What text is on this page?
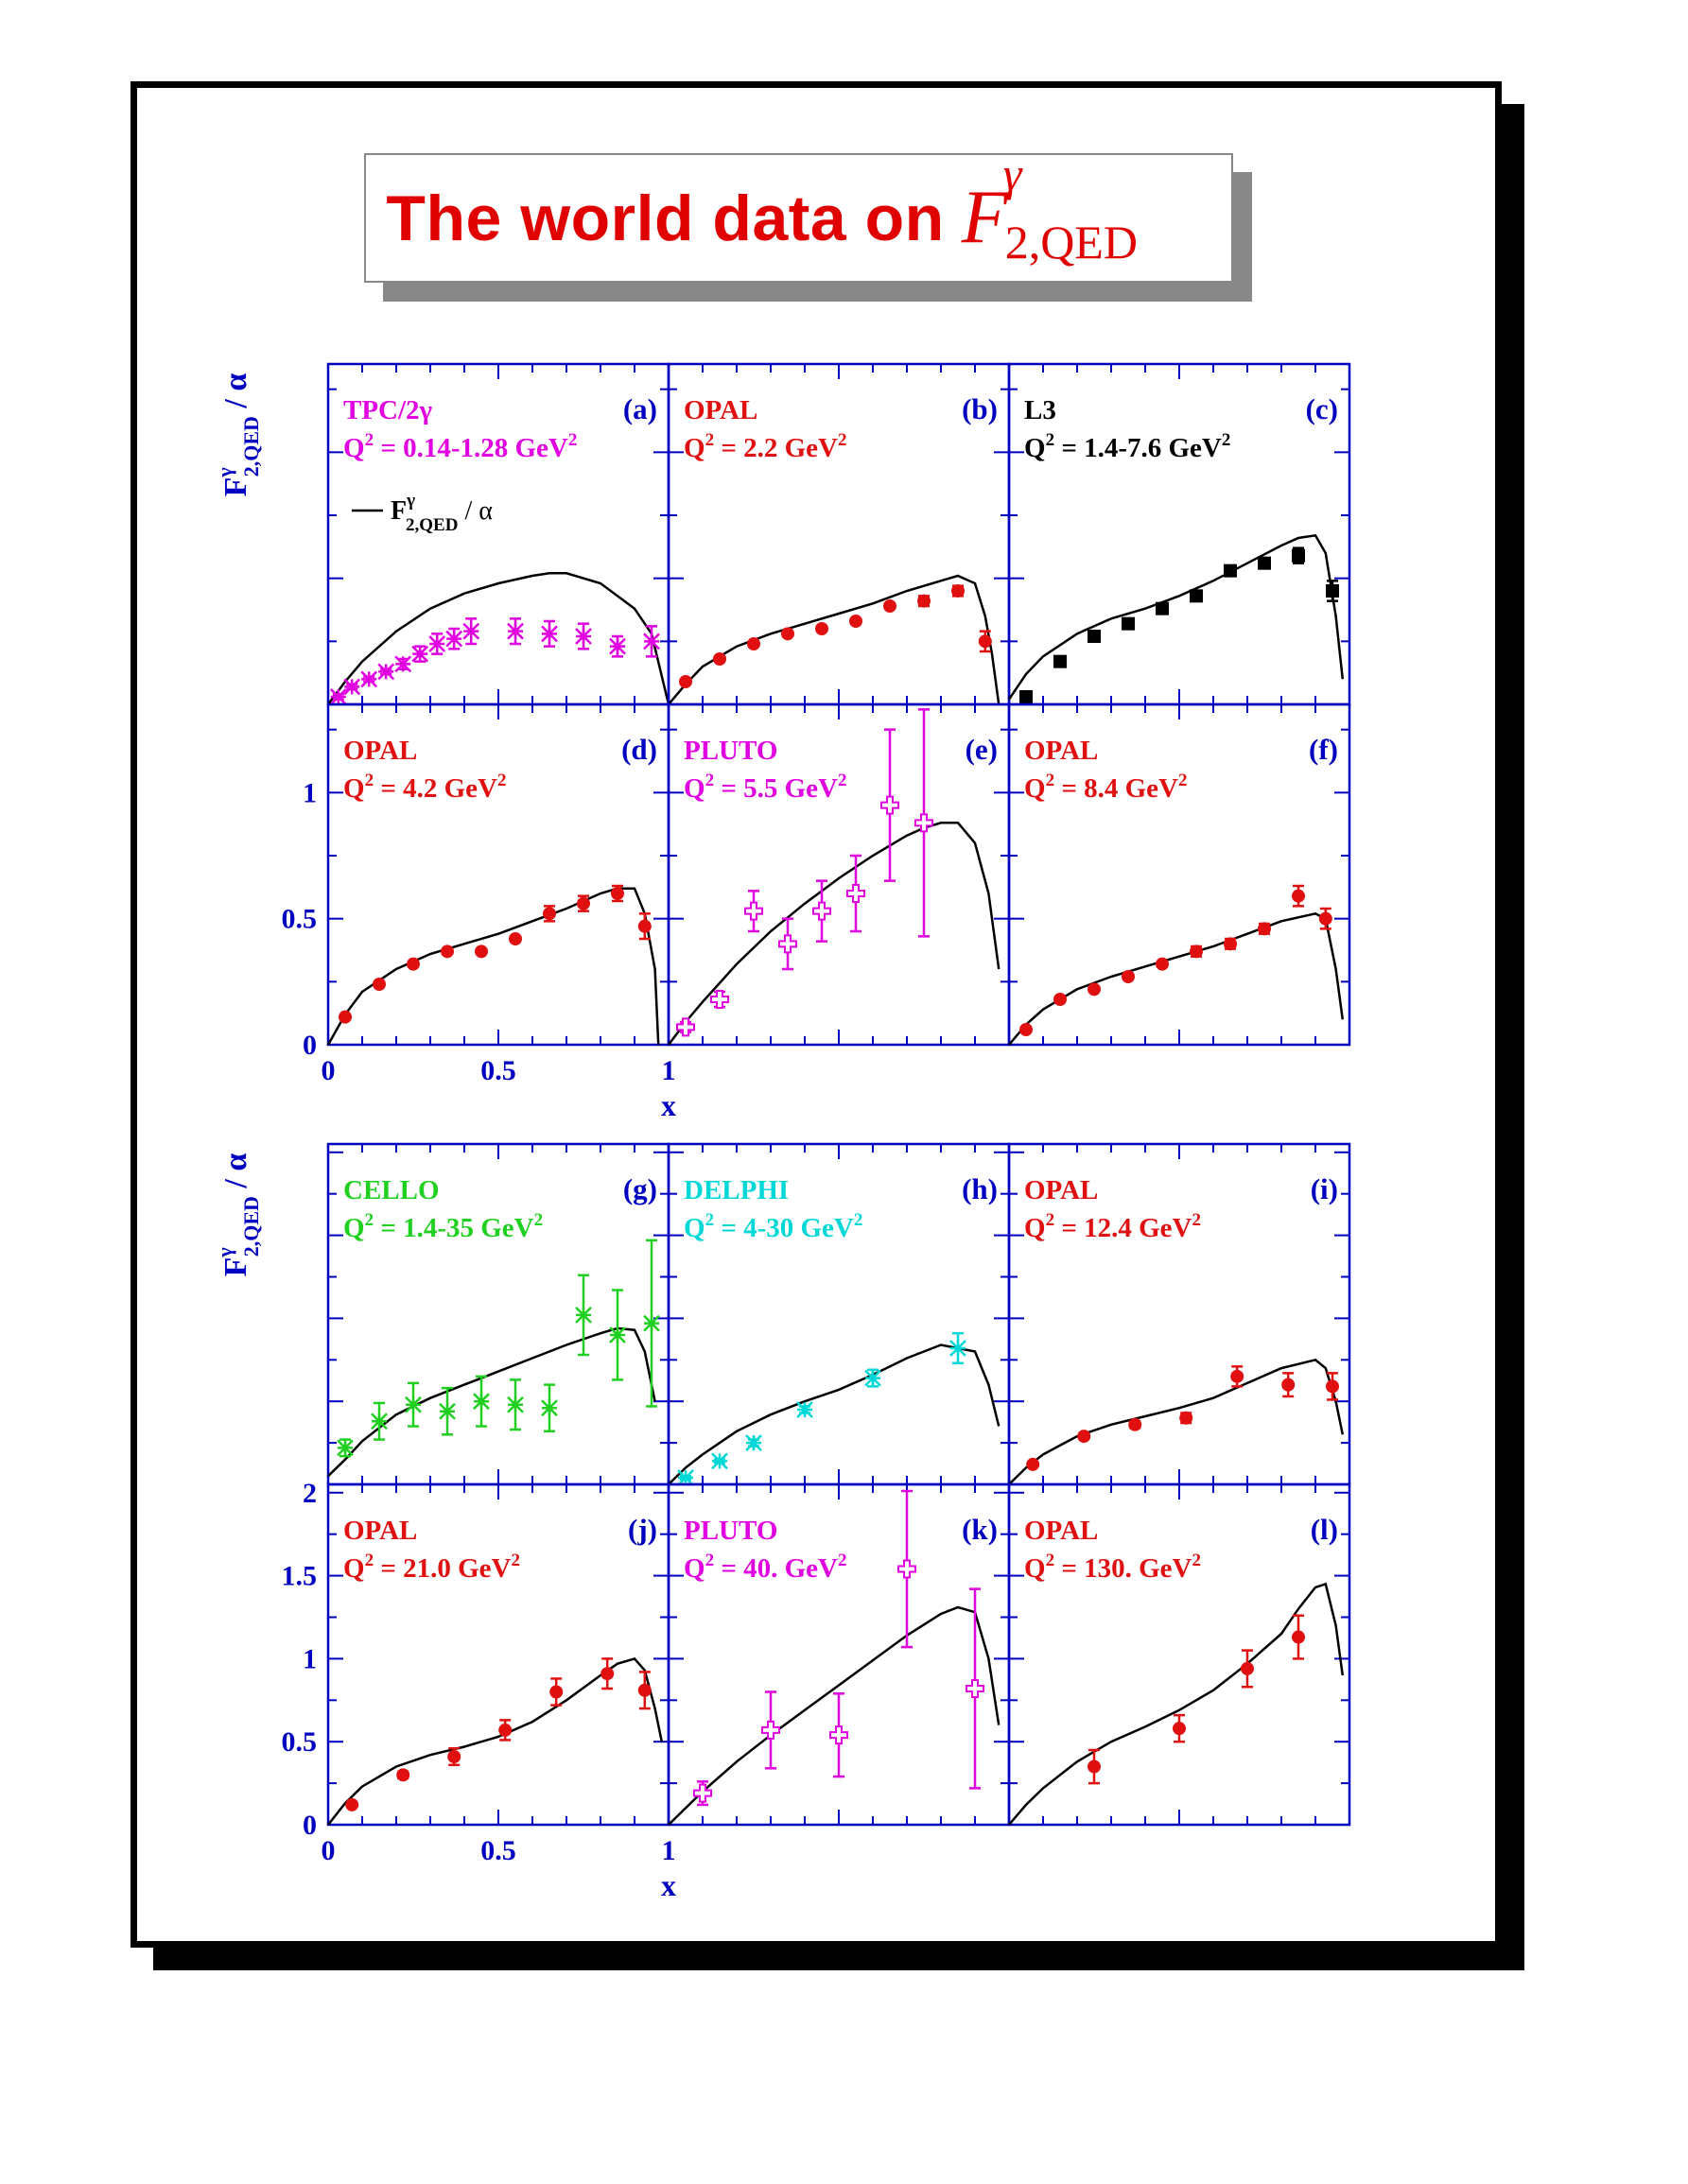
The world data on F
γ
2,QED
TPC/2γ
$Q^2 = 0.14-1.28$ GeV$^2$
(a) OPAL
$Q^2 = 2.2$ GeV$^2$
(b) L3
$Q^2 = 1.4-7.6$ GeV$^2$
(c)
OPAL
$Q^2 = 4.2$ GeV$^2$
(d) PLUTO
$Q^2 = 5.5$ GeV$^2$
(e) OPAL
$Q^2 = 8.4$ GeV$^2$
(f)
CELLO
$Q^2 = 1.4-35$ GeV$^2$
(g) DELPHI
$Q^2 = 4-30$ GeV$^2$
(h) OPAL
$Q^2 = 12.4$ GeV$^2$
(i)
OPAL
$Q^2 = 21.0$ GeV$^2$
(j) PLUTO
$Q^2 = 40$. GeV$^2$
(k) OPAL
$Q^2 = 130$. GeV$^2$
(l)
$F^\gamma$ 2,QED / α
0	0.5	1
x
0
0.5
1
$F^\gamma$ 2,QED / α
0	0.5	1
x
0
0.5
1
1.5
2
$F^\gamma$ 2,QED / α
